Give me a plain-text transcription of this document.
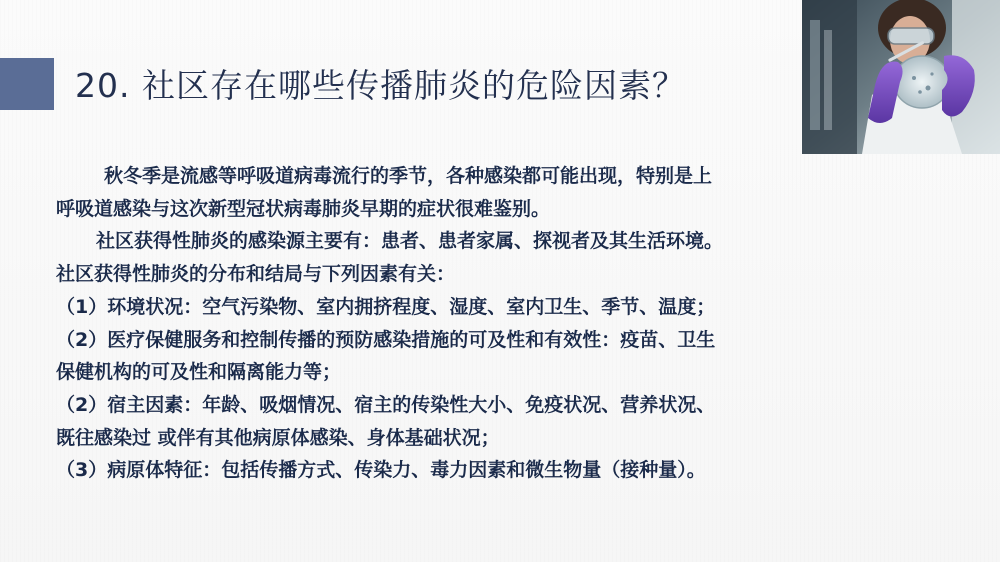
20. 社区存在哪些传播肺炎的危险因素？
秋冬季是流感等呼吸道病毒流行的季节，各种感染都可能出现，特别是上
呼吸道感染与这次新型冠状病毒肺炎早期的症状很难鉴别。
社区获得性肺炎的感染源主要有：患者、患者家属、探视者及其生活环境。
社区获得性肺炎的分布和结局与下列因素有关：
（1）环境状况：空气污染物、室内拥挤程度、湿度、室内卫生、季节、温度；
（2）医疗保健服务和控制传播的预防感染措施的可及性和有效性：疫苗、卫生
保健机构的可及性和隔离能力等；
（2）宿主因素：年龄、吸烟情况、宿主的传染性大小、免疫状况、营养状况、
既往感染过 或伴有其他病原体感染、身体基础状况；
（3）病原体特征：包括传播方式、传染力、毒力因素和微生物量（接种量）。
